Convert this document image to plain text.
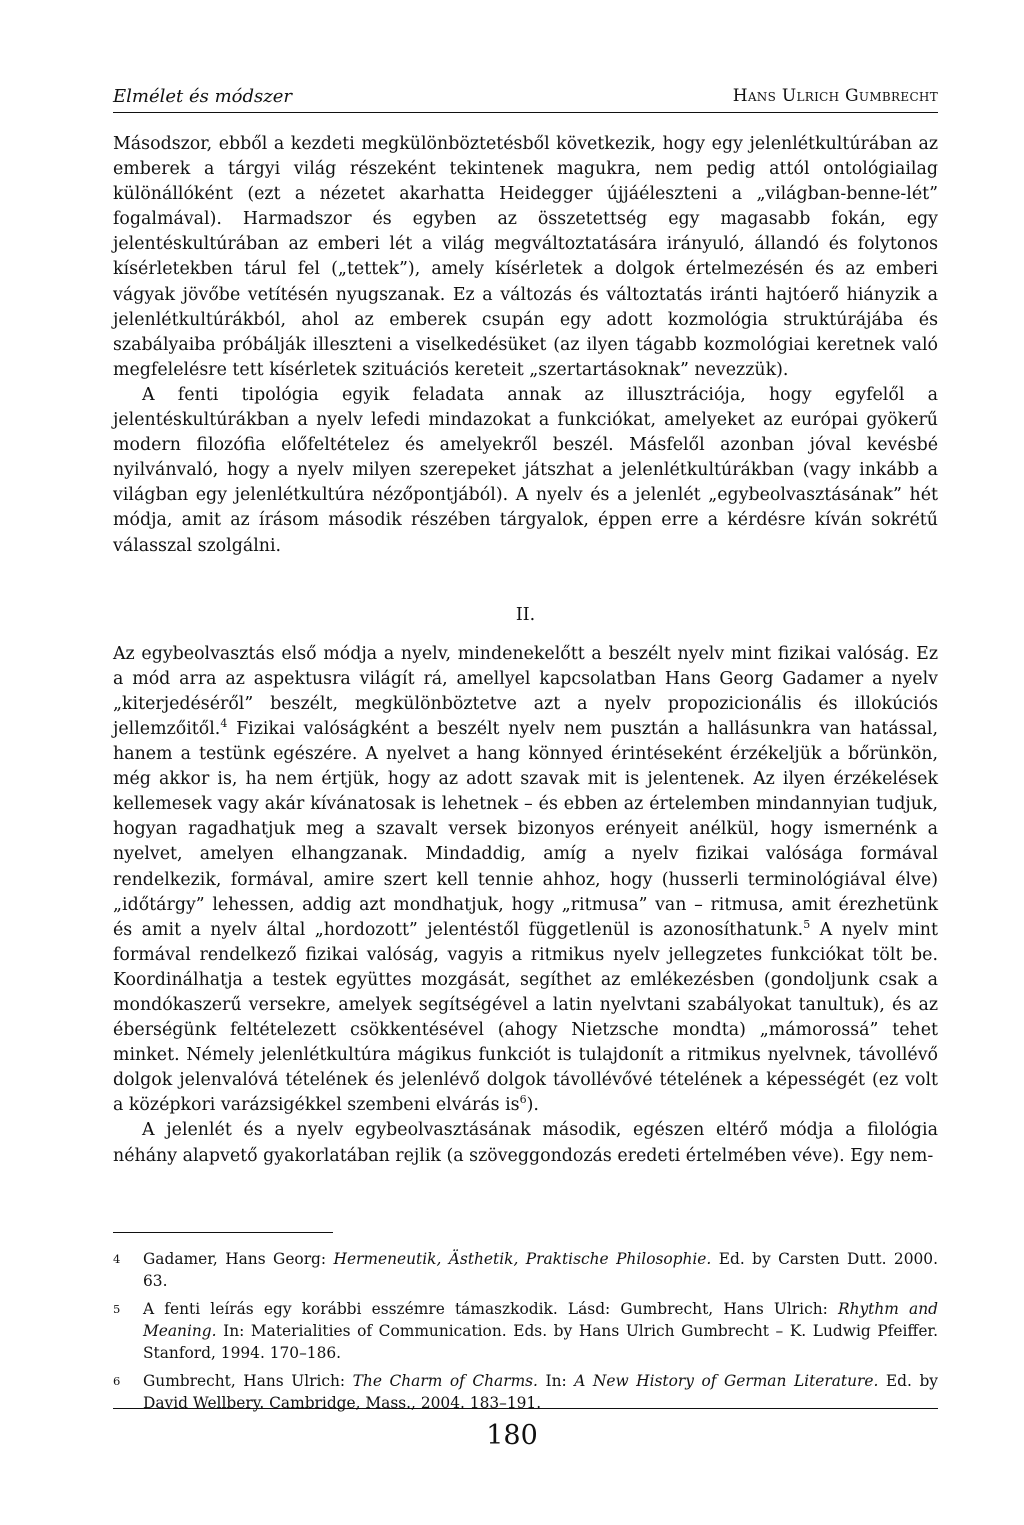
Elmélet és módszer	Hans Ulrich Gumbrecht

Másodszor, ebből a kezdeti megkülönböztetésből következik, hogy egy jelenlétkultúrában az emberek a tárgyi világ részeként tekintenek magukra, nem pedig attól ontológiailag különállóként (ezt a nézetet akarhatta Heidegger újjáéleszteni a „világban-benne-lét” fogalmával). Harmadszor és egyben az összetettség egy magasabb fokán, egy jelentéskultúrában az emberi lét a világ megváltoztatására irányuló, állandó és folytonos kísérletekben tárul fel („tettek”), amely kísérletek a dolgok értelmezésén és az emberi vágyak jövőbe vetítésén nyugszanak. Ez a változás és változtatás iránti hajtóerő hiányzik a jelenlétkultúrákból, ahol az emberek csupán egy adott kozmológia struktúrájába és szabályaiba próbálják illeszteni a viselkedésüket (az ilyen tágabb kozmológiai keretnek való megfelelésre tett kísérletek szituációs kereteit „szertartásoknak” nevezzük).

A fenti tipológia egyik feladata annak az illusztrációja, hogy egyfelől a jelentéskultúrákban a nyelv lefedi mindazokat a funkciókat, amelyeket az európai gyökerű modern filozófia előfeltételez és amelyekről beszél. Másfelől azonban jóval kevésbé nyilvánvaló, hogy a nyelv milyen szerepeket játszhat a jelenlétkultúrákban (vagy inkább a világban egy jelenlétkultúra nézőpontjából). A nyelv és a jelenlét „egybeolvasztásának” hét módja, amit az írásom második részében tárgyalok, éppen erre a kérdésre kíván sokrétű válasszal szolgálni.

II.

Az egybeolvasztás első módja a nyelv, mindenekelőtt a beszélt nyelv mint fizikai valóság. Ez a mód arra az aspektusra világít rá, amellyel kapcsolatban Hans Georg Gadamer a nyelv „kiterjedéséről” beszélt, megkülönböztetve azt a nyelv propozicionális és illokúciós jellemzőitől.$^4$ Fizikai valóságként a beszélt nyelv nem pusztán a hallásunkra van hatással, hanem a testünk egészére. A nyelvet a hang könnyed érintéseként érzékeljük a bőrünkön, még akkor is, ha nem értjük, hogy az adott szavak mit is jelentenek. Az ilyen érzékelések kellemesek vagy akár kívánatosak is lehetnek – és ebben az értelemben mindannyian tudjuk, hogyan ragadhatjuk meg a szavalt versek bizonyos erényeit anélkül, hogy ismernénk a nyelvet, amelyen elhangzanak. Mindaddig, amíg a nyelv fizikai valósága formával rendelkezik, formával, amire szert kell tennie ahhoz, hogy (husserli terminológiával élve) „időtárgy” lehessen, addig azt mondhatjuk, hogy „ritmusa” van – ritmusa, amit érezhetünk és amit a nyelv által „hordozott” jelentéstől függetlenül is azonosíthatunk.$^5$ A nyelv mint formával rendelkező fizikai valóság, vagyis a ritmikus nyelv jellegzetes funkciókat tölt be. Koordinálhatja a testek együttes mozgását, segíthet az emlékezésben (gondoljunk csak a mondókaszerű versekre, amelyek segítségével a latin nyelvtani szabályokat tanultuk), és az éberségünk feltételezett csökkentésével (ahogy Nietzsche mondta) „mámorossá” tehet minket. Némely jelenlétkultúra mágikus funkciót is tulajdonít a ritmikus nyelvnek, távollévő dolgok jelenvalóvá tételének és jelenlévő dolgok távollévővé tételének a képességét (ez volt a középkori varázsigékkel szembeni elvárás $is^6$).

A jelenlét és a nyelv egybeolvasztásának második, egészen eltérő módja a filológia néhány alapvető gyakorlatában rejlik (a szöveggondozás eredeti értelmében véve). Egy nem-

4 Gadamer, Hans Georg: Hermeneutik, Ästhetik, Praktische Philosophie. Ed. by Carsten Dutt. 2000. 63.
5 A fenti leírás egy korábbi esszémre támaszkodik. Lásd: Gumbrecht, Hans Ulrich: Rhythm and Meaning. In: Materialities of Communication. Eds. by Hans Ulrich Gumbrecht – K. Ludwig Pfeiffer. Stanford, 1994. 170–186.
6 Gumbrecht, Hans Ulrich: The Charm of Charms. In: A New History of German Literature. Ed. by David Wellbery. Cambridge, Mass., 2004. 183–191.
180
